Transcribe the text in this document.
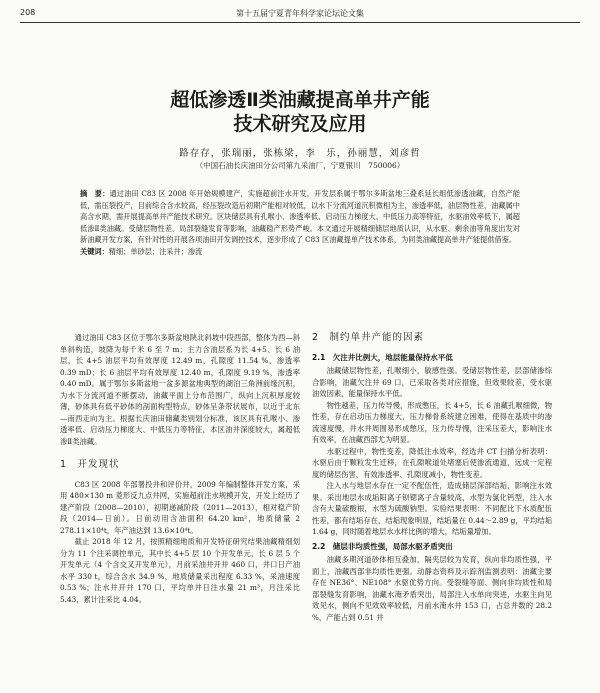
208	第十五届宁夏青年科学家论坛论文集
超低渗透Ⅱ类油藏提高单井产能
技术研究及应用
路存存，张瑞丽，张栋梁，李　乐，孙丽慧，刘彦哲
（中国石油长庆油田分公司第九采油厂，宁夏银川　750006）
摘　要：通过油田 C83 区 2008 年开始规模建产，实施超前注水开发，开发层系属于鄂尔多斯盆地三叠系延长组低渗透油藏，自然产能低，需压裂投产，目前综合含水较高，经压裂改造后初期产能相对较低，以水下分流河道沉积微相为主，渗透率低，油层物性差，油藏属中高含水期，需开展提高单井产能技术研究。区块储层具有孔喉小、渗透率低、启动压力梯度大、中低压力高等特征，水驱油效率低下，属超低渗Ⅱ类油藏。受储层物性差，局部裂缝发育等影响，油藏稳产形势严峻。本文通过开展精细储层地质认识，从水驱、剩余油等角度出发对新油藏开发方案，有针对性的开展各项油田开发调控技术，逐步形成了 C83 区油藏提单产技术体系，为同类油藏提高单井产能提供借鉴。
关键词：精细；单砂层；注采井；渗流

通过油田 C83 区位于鄂尔多斯盆地陕北斜坡中段西部，整体为西—斜单斜构造，坡降为每千米 6 至 7 m；主力含油层系为长 4+5、长 6 油层，长 4+5 油层平均有效厚度 12.49 m，孔隙度 11.54 %，渗透率 0.39 mD；长 6 油层平均有效厚度 12.40 m，孔隙度 9.19 %，渗透率 0.40 mD。属于鄂尔多斯盆地一盆多源盆地典型的湖泊三角洲前缘沉积，为水下分流河道不断摆动，油藏平面上分布范围广，纵向上沉积厚度较薄，砂体具有低平砂体的剖面构型特点，砂体呈条带状展布，以近于北东—南西走向为主。根据长庆油田储藏类别划分标准，该区具有孔喉小、渗透率低、启动压力梯度大、中低压力等特征，本区油井深度较大，属超低渗Ⅱ类油藏。

1　开发现状

C83 区 2008 年部署投井和评价井，2009 年编制整体开发方案，采用 480×130 m 菱形反九点井网，实施超前注水规模开发，开发上经历了建产阶段（2008—2010），初期递减阶段（2011—2013），相对稳产阶段（2014—日前）。日前动用含油面积 64.20 km²，地质储量 2 278.11×10⁴t，年产油达到 13.6×10⁴t。

截止 2018 年 12 月，按照精细地质和开发特征研究结果油藏精细划分为 11 个注采调控单元，其中长 4+5 层 10 个开发单元，长 6 层 5 个开发单元（4 个含交叉开发单元），月前采油井开井 460 口，井口日产油水平 330 t，综合含水 34.9 %，地质储量采出程度 6.33 %，采油速度 0.53 %；注水井开井 170 口，平均单井日注水量 21 m³，月注采比 5.43，累计注采比 4.04。

2　制约单井产能的因素
2.1　欠注井比例大，地层能量保持水平低

油藏储层物性差，孔喉细小，敏感性强。受储层物性差，层部储渗综合影响，油藏欠注井 69 口，已采取各类对应措施，但效果较差，受水驱油效因素，能量保持水平低。

物性越差，压力传导慢，形成憋压，长 4+5，长 6 油藏孔喉细微，物性差，存在启动压力梯度大，压力梯骨系统建立困难，使得在基质中的渗流速度慢，井水井周围易形成憋压，压力传导慢，注采压差大，影响注水有效率，在油藏西部尤为明显。

水驱过程中，物性变差，降低注水效率，经选井 CT 扫描分析表明：水驱后由于颗粒发生迁移，在孔隙喉道处堵塞后使渗流通道，远成一定程度的储层伤害，有效渗透率、孔隙度减小，物性变差。

注入水与地层水存在一定不配伍性，造成储层深部结垢，影响注水效果。采出地层水成垢阳离子钡锶离子含量较高，水型为氯化钙型，注入水含有大量硫酸根，水型为硫酸钠型。实验结果表明：不同配比下水质配伍性差，都有结垢存在，结垢现象明显，结垢量在 0.44～2.89 g，平均结垢 1.64 g，同时随着地层水水样比例的增大，结垢量增加。

2.2　储层非均质性强，局部水驱矛盾突出

油藏多期河道砂体相互叠加，隔夹层较为发育，纵向非均质性强，平面上，油藏西部非均质性更强。动静态资料及示踪剂监测表明：油藏主要存在 NE36°、NE108° 水驱优势方向。受裂缝等面、侧向非均质性和局部裂缝发育影响，油藏水淹矛盾突出，局部注入水单向突进，水驱主向见效见水，侧向不见效效率较低，月前水淹水井 153 口，占总井数的 28.2 %，产能占到 0.51 井
